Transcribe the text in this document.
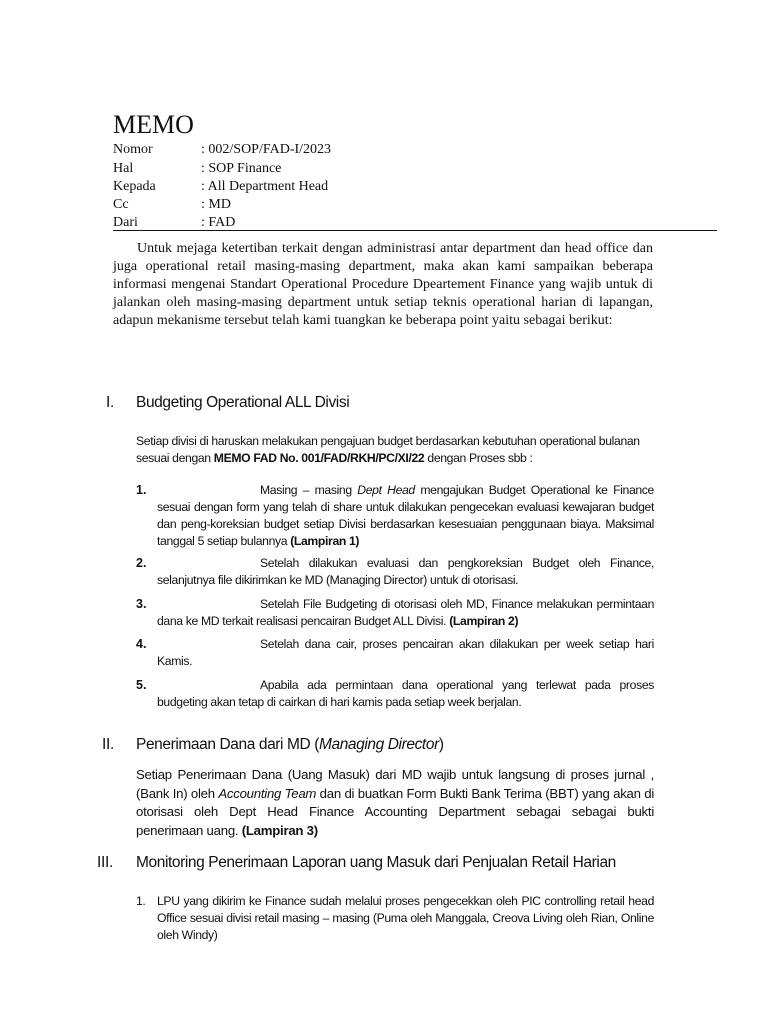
MEMO
Nomor	: 002/SOP/FAD-I/2023
Hal	: SOP Finance
Kepada	: All Department Head
Cc	: MD
Dari	: FAD
Untuk mejaga ketertiban terkait dengan administrasi antar department dan head office dan juga operational retail masing-masing department, maka akan kami sampaikan beberapa informasi mengenai Standart Operational Procedure Dpeartement Finance yang wajib untuk di jalankan oleh masing-masing department untuk setiap teknis operational harian di lapangan, adapun mekanisme tersebut telah kami tuangkan ke beberapa point yaitu sebagai berikut:
I. Budgeting Operational ALL Divisi
Setiap divisi di haruskan melakukan pengajuan budget berdasarkan kebutuhan operational bulanan sesuai dengan MEMO FAD No. 001/FAD/RKH/PC/XI/22 dengan Proses sbb :
1.	Masing – masing Dept Head mengajukan Budget Operational ke Finance sesuai dengan form yang telah di share untuk dilakukan pengecekan evaluasi kewajaran budget dan peng-koreksian budget setiap Divisi berdasarkan kesesuaian penggunaan biaya. Maksimal tanggal 5 setiap bulannya (Lampiran 1)
2.	Setelah dilakukan evaluasi dan pengkoreksian Budget oleh Finance, selanjutnya file dikirimkan ke MD (Managing Director) untuk di otorisasi.
3.	Setelah File Budgeting di otorisasi oleh MD, Finance melakukan permintaan dana ke MD terkait realisasi pencairan Budget ALL Divisi. (Lampiran 2)
4.	Setelah dana cair, proses pencairan akan dilakukan per week setiap hari Kamis.
5.	Apabila ada permintaan dana operational yang terlewat pada proses budgeting akan tetap di cairkan di hari kamis pada setiap week berjalan.
II. Penerimaan Dana dari MD (Managing Director)
Setiap Penerimaan Dana (Uang Masuk) dari MD wajib untuk langsung di proses jurnal ,(Bank In) oleh Accounting Team dan di buatkan Form Bukti Bank Terima (BBT) yang akan di otorisasi oleh Dept Head Finance Accounting Department sebagai sebagai bukti penerimaan uang. (Lampiran 3)
III. Monitoring Penerimaan Laporan uang Masuk dari Penjualan Retail Harian
1. LPU yang dikirim ke Finance sudah melalui proses pengecekkan oleh PIC controlling retail head Office sesuai divisi retail masing – masing (Puma oleh Manggala, Creova Living oleh Rian, Online oleh Windy)
